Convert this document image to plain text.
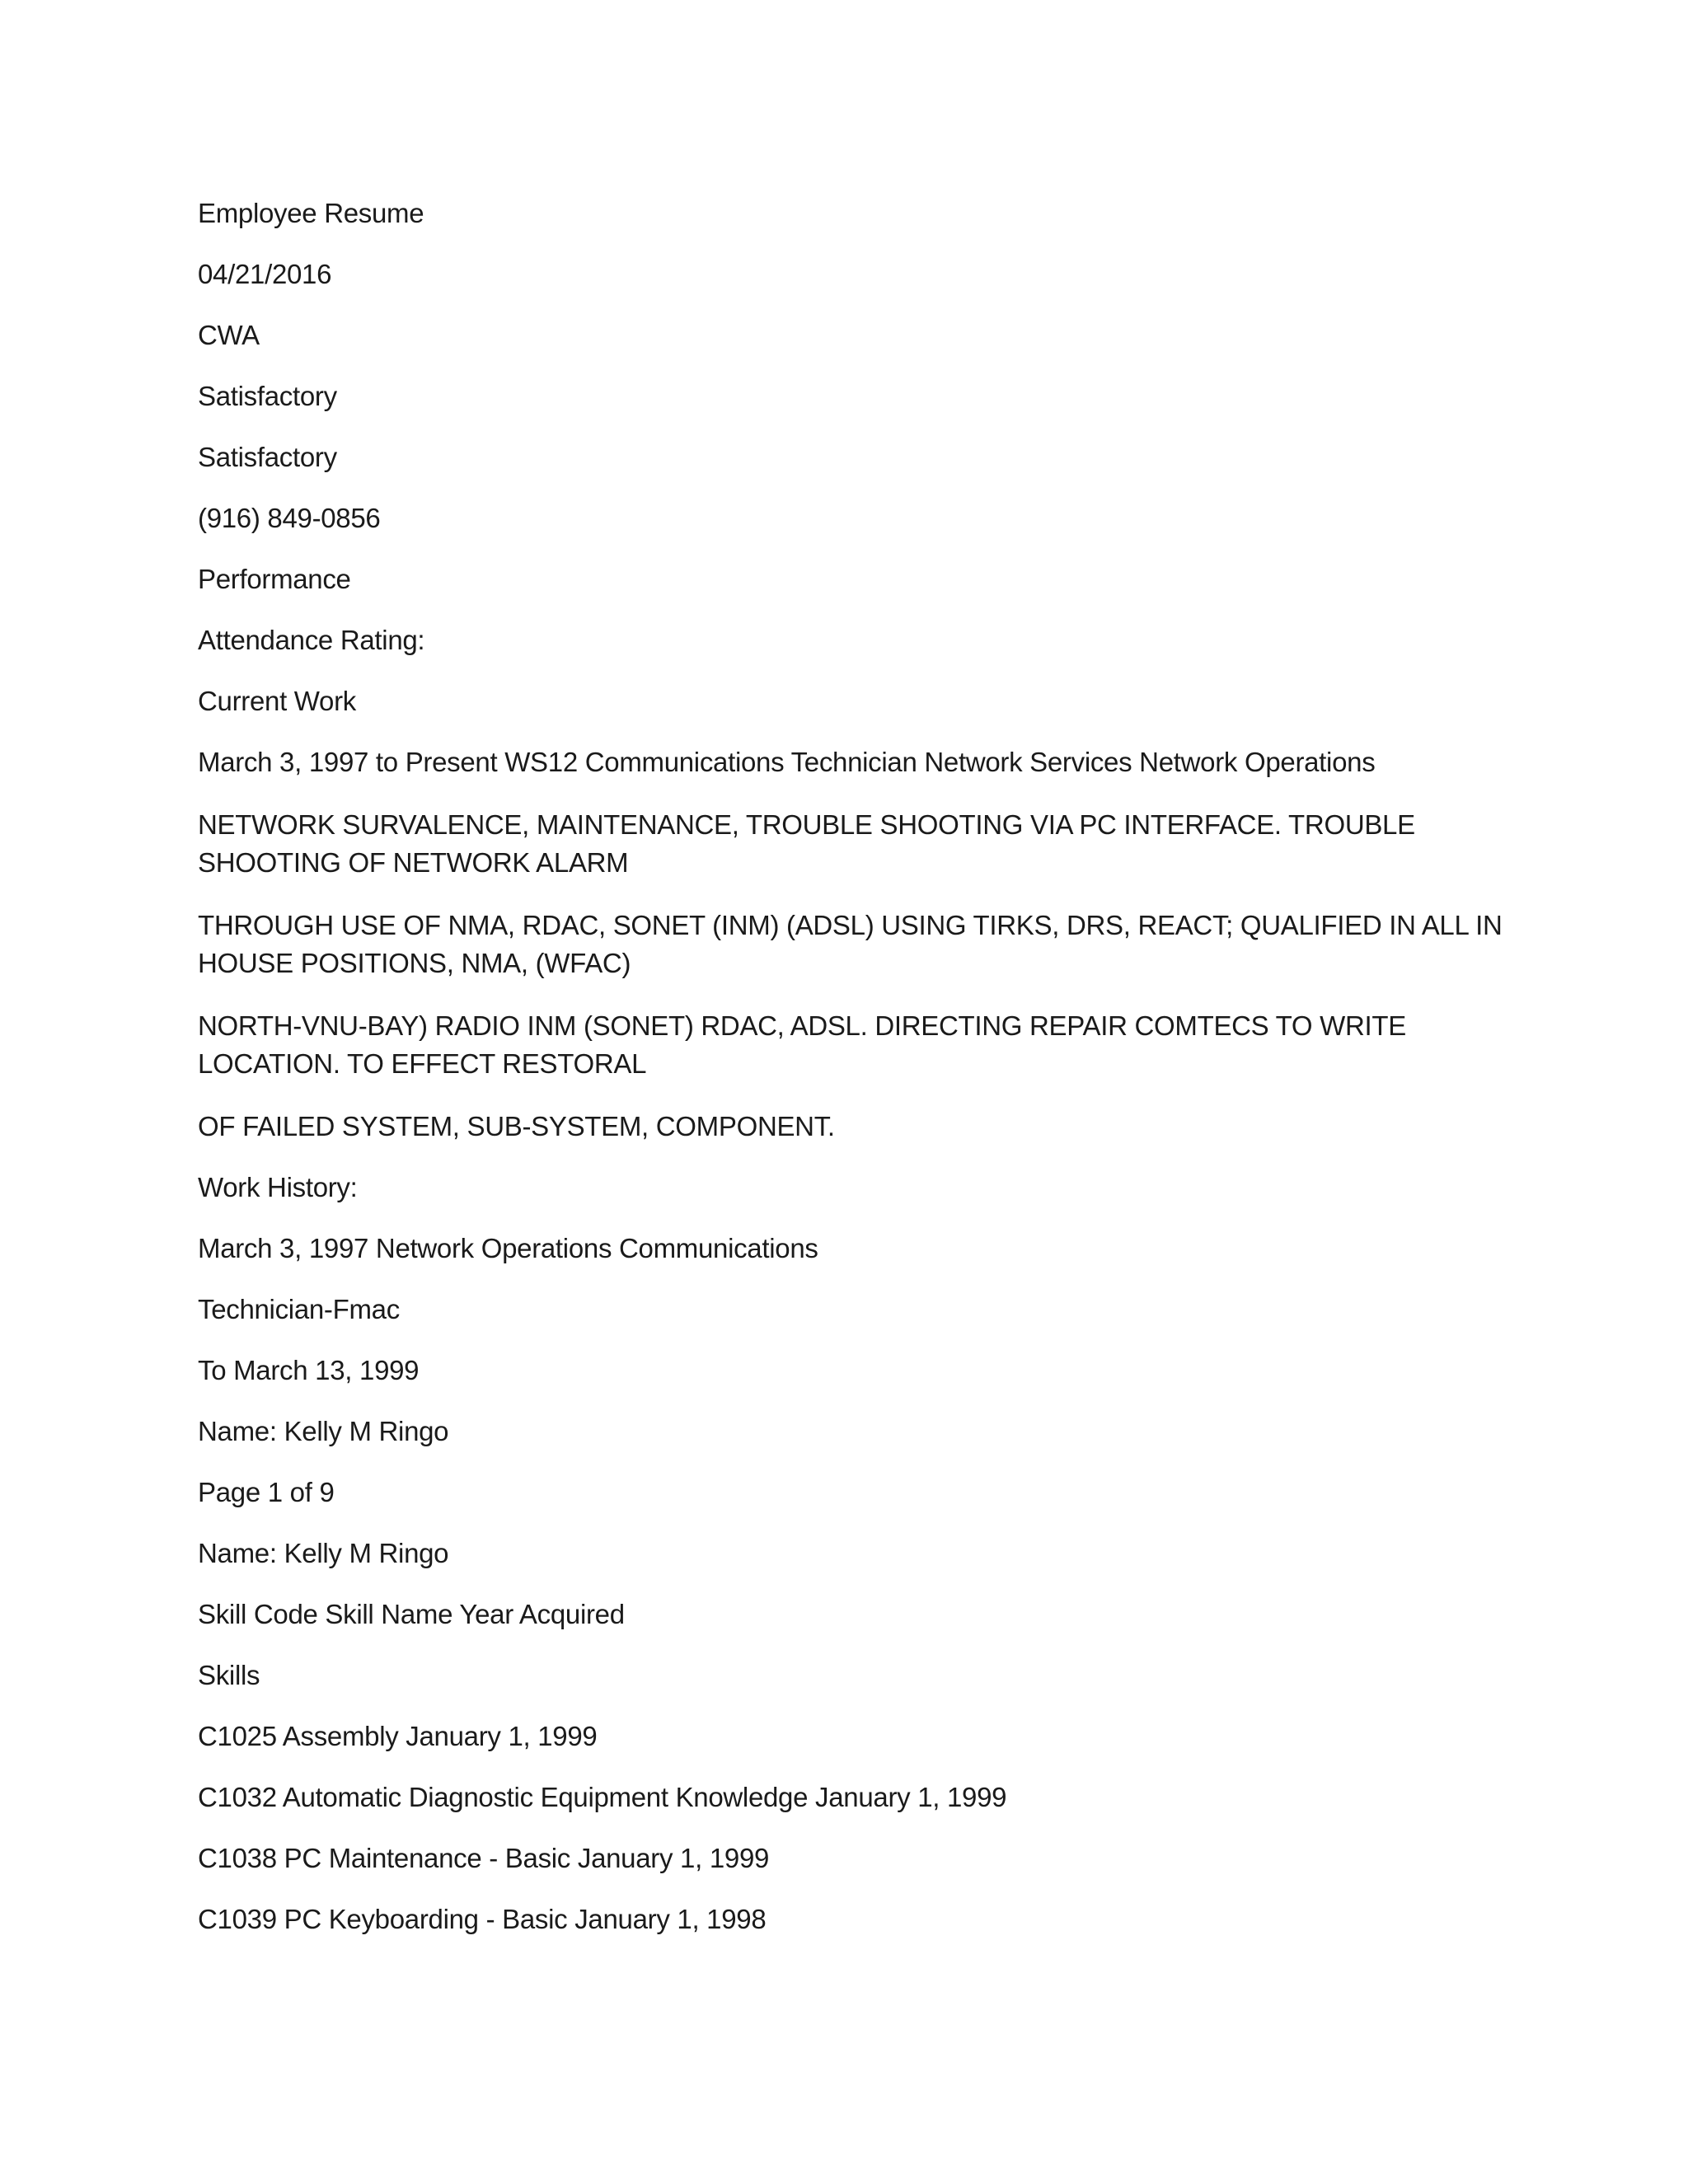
Employee Resume
04/21/2016
CWA
Satisfactory
Satisfactory
(916) 849-0856
Performance
Attendance Rating:
Current Work
March 3, 1997 to Present WS12 Communications Technician Network Services Network Operations
NETWORK SURVALENCE, MAINTENANCE, TROUBLE SHOOTING VIA PC INTERFACE. TROUBLE SHOOTING OF NETWORK ALARM
THROUGH USE OF NMA, RDAC, SONET (INM) (ADSL) USING TIRKS, DRS, REACT; QUALIFIED IN ALL IN HOUSE POSITIONS, NMA, (WFAC)
NORTH-VNU-BAY) RADIO INM (SONET) RDAC, ADSL. DIRECTING REPAIR COMTECS TO WRITE LOCATION. TO EFFECT RESTORAL
OF FAILED SYSTEM, SUB-SYSTEM, COMPONENT.
Work History:
March 3, 1997 Network Operations Communications
Technician-Fmac
To March 13, 1999
Name: Kelly M Ringo
Page 1 of 9
Name: Kelly M Ringo
Skill Code Skill Name Year Acquired
Skills
C1025 Assembly January 1, 1999
C1032 Automatic Diagnostic Equipment Knowledge January 1, 1999
C1038 PC Maintenance - Basic January 1, 1999
C1039 PC Keyboarding - Basic January 1, 1998
